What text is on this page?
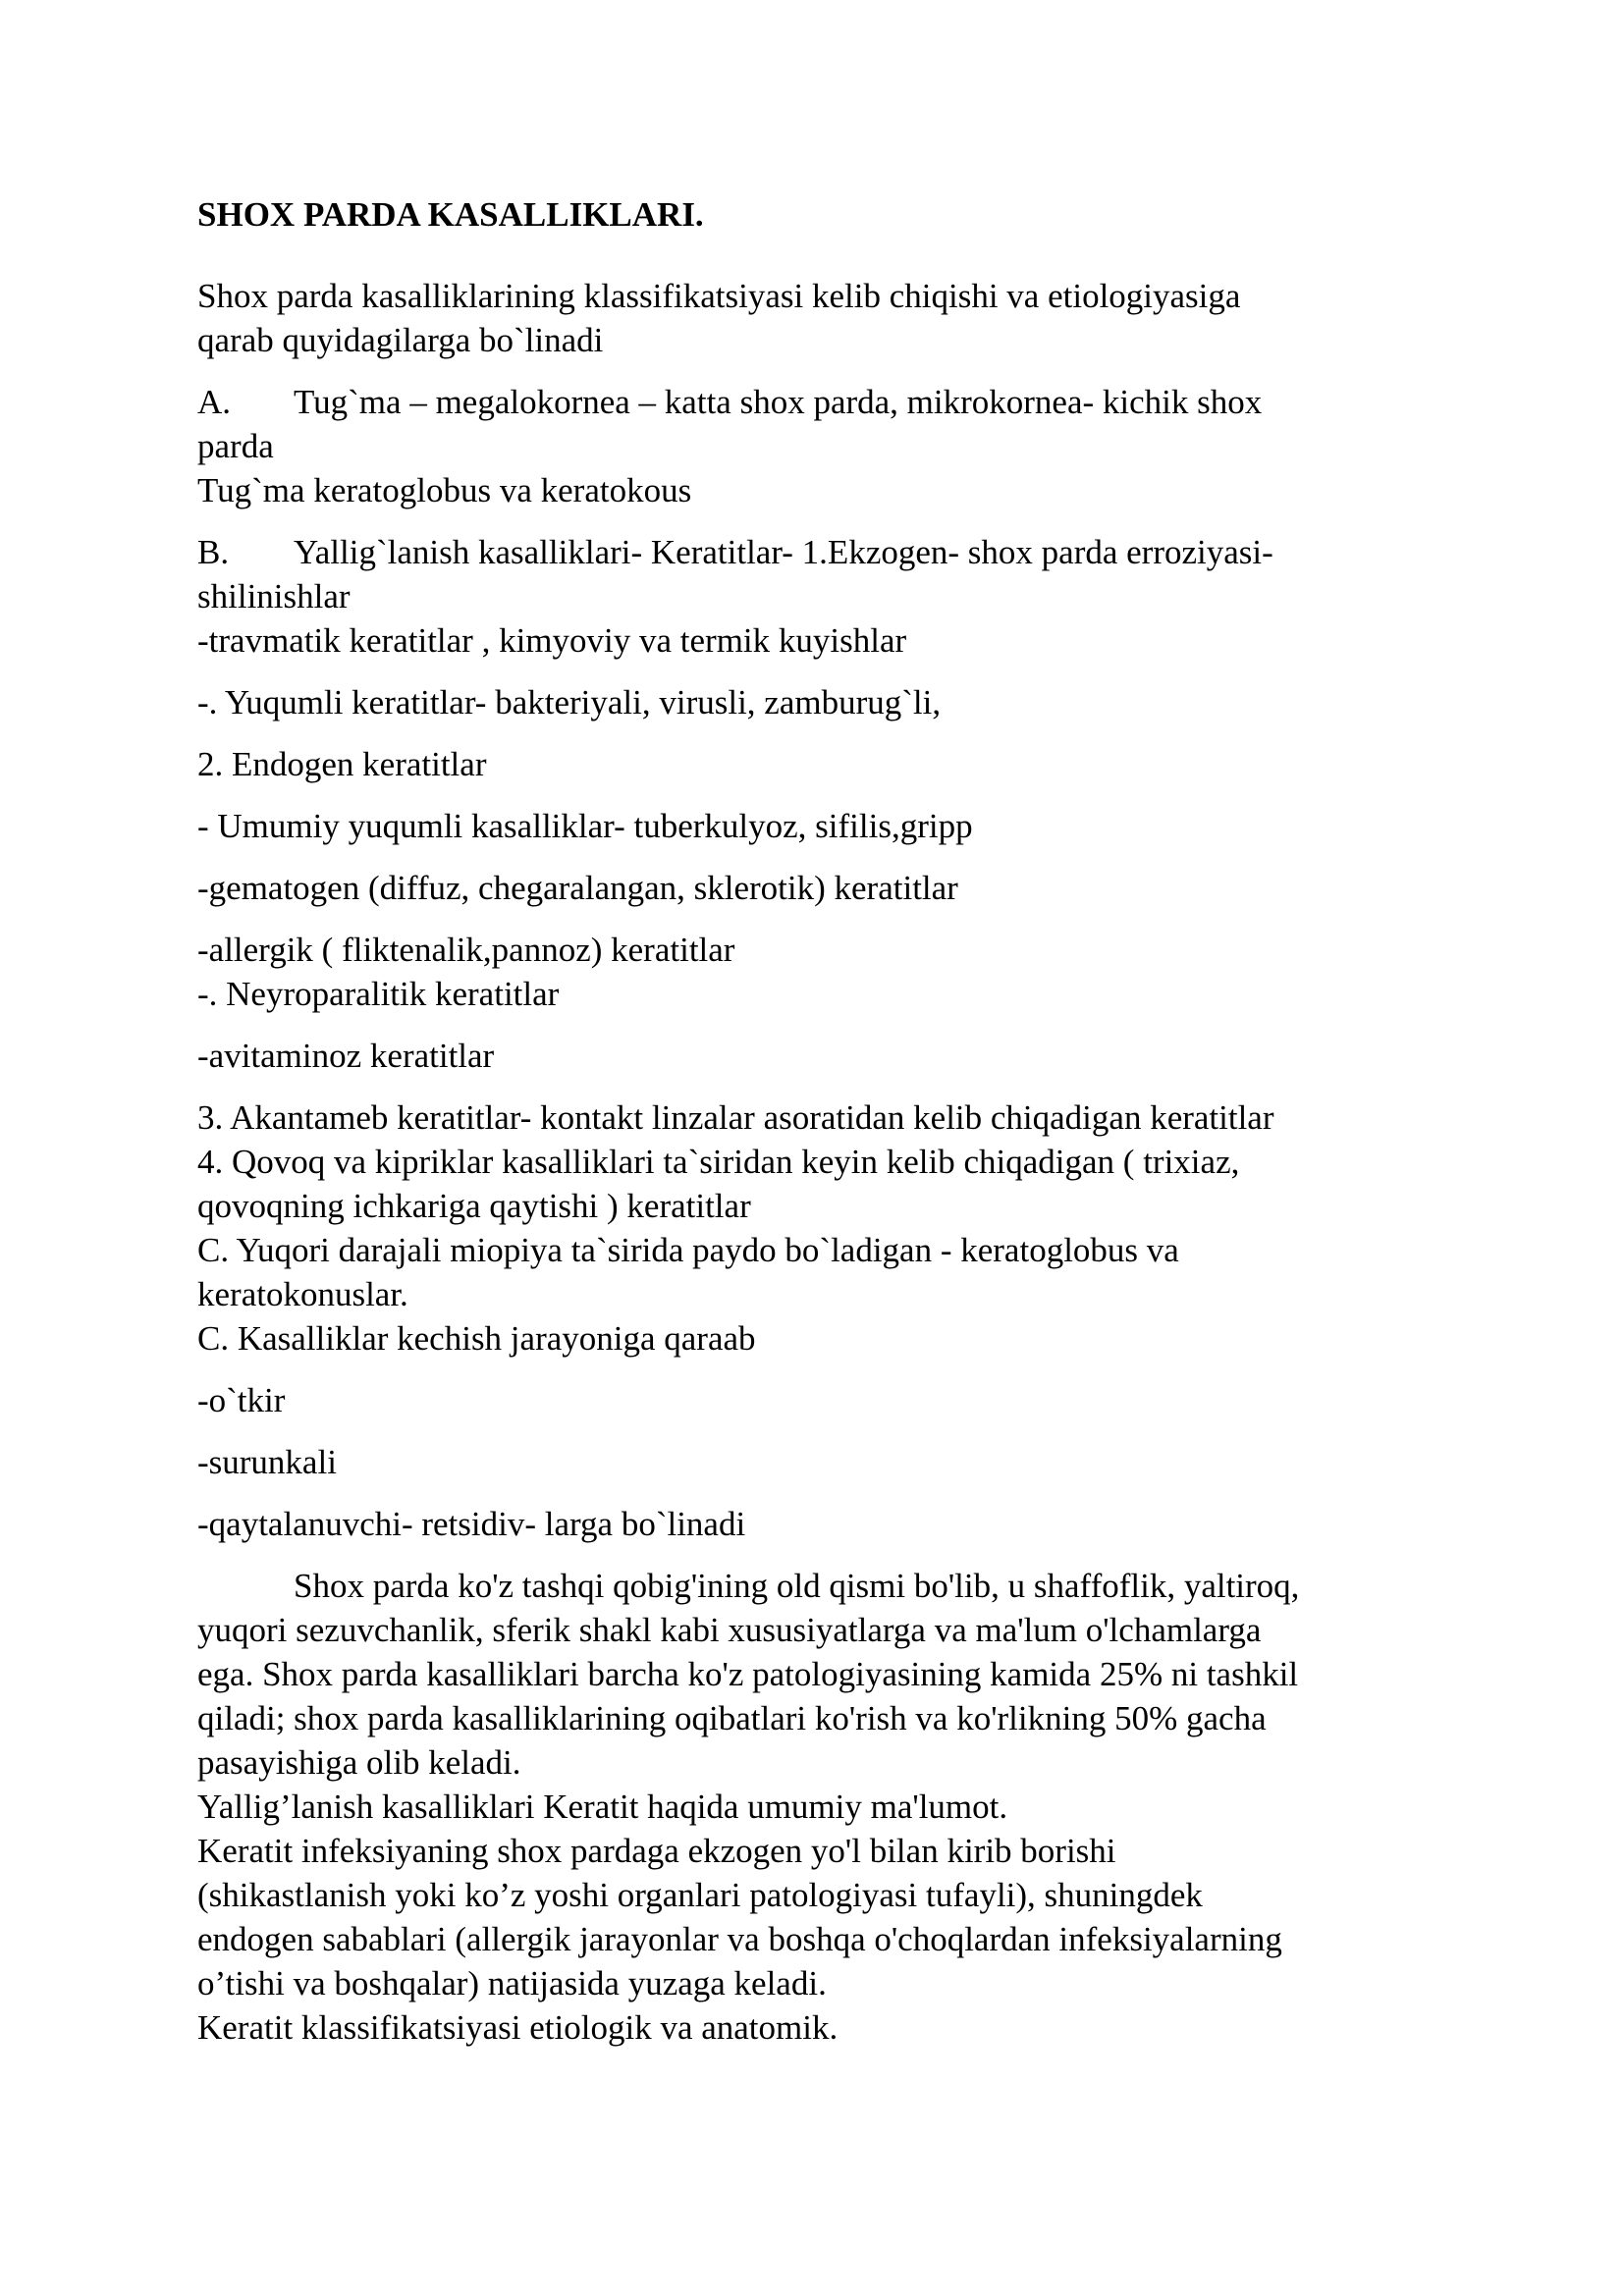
SHOX PARDA KASALLIKLARI.
Shox parda kasalliklarining klassifikatsiyasi kelib chiqishi va etiologiyasiga
qarab quyidagilarga bo`linadi
A. Tug`ma – megalokornea – katta shox parda, mikrokornea- kichik shox
parda
Tug`ma keratoglobus va keratokous
B. Yallig`lanish kasalliklari- Keratitlar- 1.Ekzogen- shox parda erroziyasi-
shilinishlar
-travmatik keratitlar , kimyoviy va termik kuyishlar
-. Yuqumli keratitlar- bakteriyali, virusli, zamburug`li,
2. Endogen keratitlar
- Umumiy yuqumli kasalliklar- tuberkulyoz, sifilis,gripp
-gematogen (diffuz, chegaralangan, sklerotik) keratitlar
-allergik ( fliktenalik,pannoz) keratitlar
-. Neyroparalitik keratitlar
-avitaminoz keratitlar
3. Akantameb keratitlar- kontakt linzalar asoratidan kelib chiqadigan keratitlar
4. Qovoq va kipriklar kasalliklari ta`siridan keyin kelib chiqadigan ( trixiaz,
qovoqning ichkariga qaytishi ) keratitlar
C. Yuqori darajali miopiya ta`sirida paydo bo`ladigan - keratoglobus va
keratokonuslar.
C. Kasalliklar kechish jarayoniga qaraab
-o`tkir
-surunkali
-qaytalanuvchi- retsidiv- larga bo`linadi
Shox parda ko'z tashqi qobig'ining old qismi bo'lib, u shaffoflik, yaltiroq,
yuqori sezuvchanlik, sferik shakl kabi xususiyatlarga va ma'lum o'lchamlarga
ega. Shox parda kasalliklari barcha ko'z patologiyasining kamida 25% ni tashkil
qiladi; shox parda kasalliklarining oqibatlari ko'rish va ko'rlikning 50% gacha
pasayishiga olib keladi.
Yallig’lanish kasalliklari Keratit haqida umumiy ma'lumot.
Keratit infeksiyaning shox pardaga ekzogen yo'l bilan kirib borishi
(shikastlanish yoki ko’z yoshi organlari patologiyasi tufayli), shuningdek
endogen sabablari (allergik jarayonlar va boshqa o'choqlardan infeksiyalarning
o’tishi va boshqalar) natijasida yuzaga keladi.
Keratit klassifikatsiyasi etiologik va anatomik.
